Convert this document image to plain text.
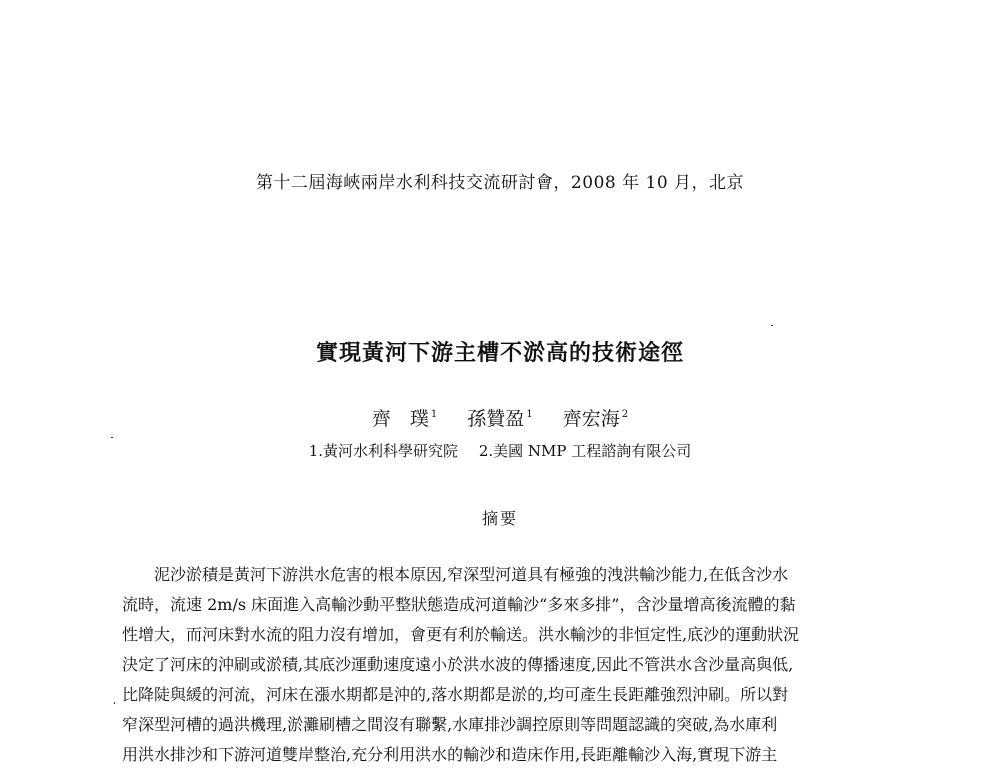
第十二屆海峽兩岸水利科技交流研討會，2008 年 10 月，北京
實現黃河下游主槽不淤高的技術途徑
齊　璞 $^1$ 孫贊盈 $^1$ 齊宏海 $^2$
1.黃河水利科學研究院 2.美國 NMP 工程諮詢有限公司
摘要
泥沙淤積是黃河下游洪水危害的根本原因,窄深型河道具有極強的洩洪輸沙能力,在低含沙水
流時，流速 2m/s 床面進入高輸沙動平整狀態造成河道輸沙“多來多排”，含沙量增高後流體的黏
性增大，而河床對水流的阻力沒有增加，會更有利於輸送。洪水輸沙的非恒定性,底沙的運動狀況
決定了河床的沖刷或淤積,其底沙運動速度遠小於洪水波的傳播速度,因此不管洪水含沙量高與低,
比降陡與緩的河流，河床在漲水期都是沖的,落水期都是淤的,均可產生長距離強烈沖刷。所以對
窄深型河槽的過洪機理,淤灘刷槽之間沒有聯繫,水庫排沙調控原則等問題認識的突破,為水庫利
用洪水排沙和下游河道雙岸整治,充分利用洪水的輸沙和造床作用,長距離輸沙入海,實現下游主
